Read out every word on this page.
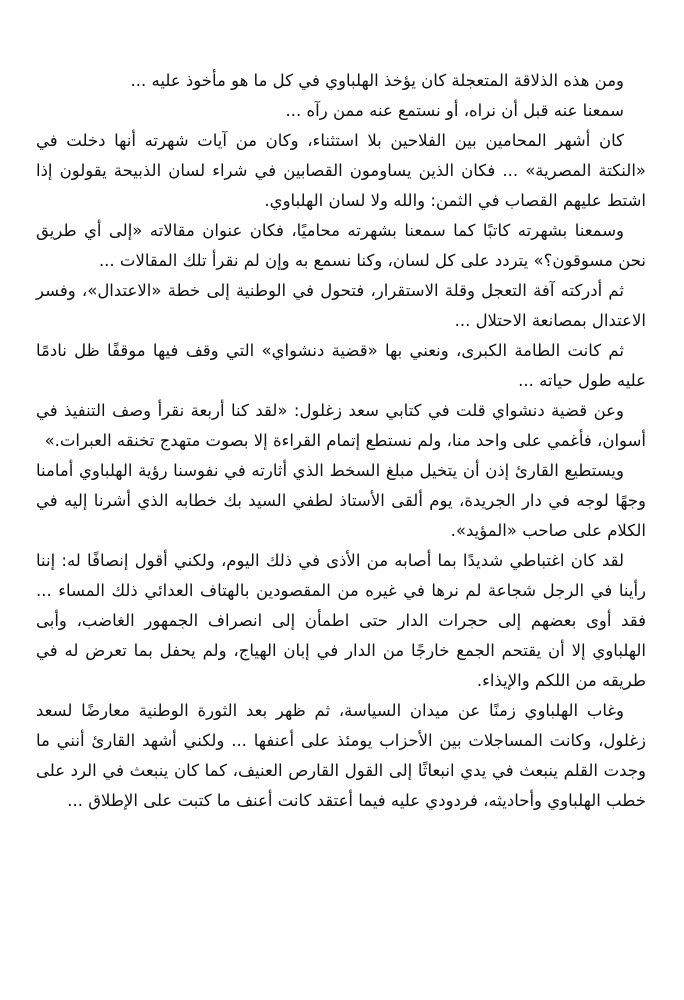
ومن هذه الذلاقة المتعجلة كان يؤخذ الهلباوي في كل ما هو مأخوذ عليه ...

سمعنا عنه قبل أن نراه، أو نستمع عنه ممن رآه ...

كان أشهر المحامين بين الفلاحين بلا استثناء، وكان من آيات شهرته أنها دخلت في «النكتة المصرية» ... فكان الذين يساومون القصابين في شراء لسان الذبيحة يقولون إذا اشتط عليهم القصاب في الثمن: والله ولا لسان الهلباوي.

وسمعنا بشهرته كاتبًا كما سمعنا بشهرته محاميًا، فكان عنوان مقالاته «إلى أي طريق نحن مسوقون؟» يتردد على كل لسان، وكنا نسمع به وإن لم نقرأ تلك المقالات ...

ثم أدركته آفة التعجل وقلة الاستقرار، فتحول في الوطنية إلى خطة «الاعتدال»، وفسر الاعتدال بمصانعة الاحتلال ...

ثم كانت الطامة الكبرى، ونعني بها «قضية دنشواي» التي وقف فيها موقفًا ظل نادمًا عليه طول حياته ...

وعن قضية دنشواي قلت في كتابي سعد زغلول: «لقد كنا أربعة نقرأ وصف التنفيذ في أسوان، فأغمي على واحد منا، ولم نستطع إتمام القراءة إلا بصوت متهدج تخنقه العبرات.»

ويستطيع القارئ إذن أن يتخيل مبلغ السخط الذي أثارته في نفوسنا رؤية الهلباوي أمامنا وجهًا لوجه في دار الجريدة، يوم ألقى الأستاذ لطفي السيد بك خطابه الذي أشرنا إليه في الكلام على صاحب «المؤيد».

لقد كان اغتباطي شديدًا بما أصابه من الأذى في ذلك اليوم، ولكني أقول إنصافًا له: إننا رأينا في الرجل شجاعة لم نرها في غيره من المقصودين بالهتاف العدائي ذلك المساء ... فقد أوى بعضهم إلى حجرات الدار حتى اطمأن إلى انصراف الجمهور الغاضب، وأبى الهلباوي إلا أن يقتحم الجمع خارجًا من الدار في إبان الهياج، ولم يحفل بما تعرض له في طريقه من اللكم والإيذاء.

وغاب الهلباوي زمنًا عن ميدان السياسة، ثم ظهر بعد الثورة الوطنية معارضًا لسعد زغلول، وكانت المساجلات بين الأحزاب يومئذ على أعنفها ... ولكني أشهد القارئ أنني ما وجدت القلم ينبعث في يدي انبعاثًا إلى القول القارص العنيف، كما كان ينبعث في الرد على خطب الهلباوي وأحاديثه، فردودي عليه فيما أعتقد كانت أعنف ما كتبت على الإطلاق ...
